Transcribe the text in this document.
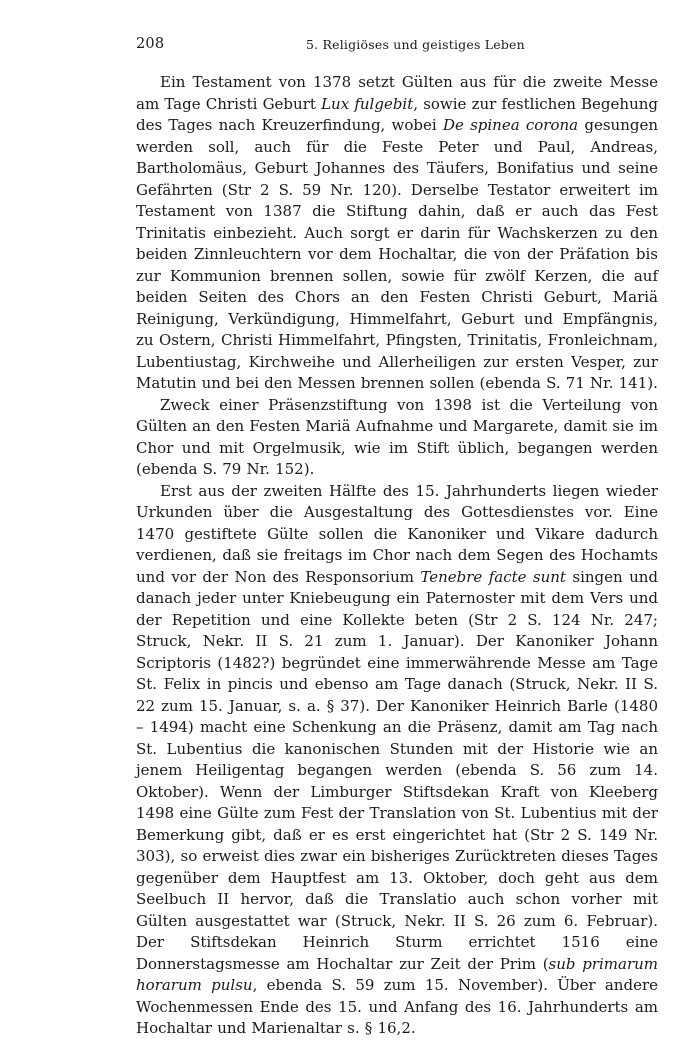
208	5. Religiöses und geistiges Leben

Ein Testament von 1378 setzt Gülten aus für die zweite Messe am Tage Christi Geburt Lux fulgebit, sowie zur festlichen Begehung des Tages nach Kreuzerfindung, wobei De spinea corona gesungen werden soll, auch für die Feste Peter und Paul, Andreas, Bartholomäus, Geburt Johannes des Täufers, Bonifatius und seine Gefährten (Str 2 S. 59 Nr. 120). Derselbe Testator erweitert im Testament von 1387 die Stiftung dahin, daß er auch das Fest Trinitatis einbezieht. Auch sorgt er darin für Wachskerzen zu den beiden Zinnleuchtern vor dem Hochaltar, die von der Präfation bis zur Kommunion brennen sollen, sowie für zwölf Kerzen, die auf beiden Seiten des Chors an den Festen Christi Geburt, Mariä Reinigung, Verkündigung, Himmelfahrt, Geburt und Empfängnis, zu Ostern, Christi Himmelfahrt, Pfingsten, Trinitatis, Fronleichnam, Lubentiustag, Kirchweihe und Allerheiligen zur ersten Vesper, zur Matutin und bei den Messen brennen sollen (ebenda S. 71 Nr. 141).

Zweck einer Präsenzstiftung von 1398 ist die Verteilung von Gülten an den Festen Mariä Aufnahme und Margarete, damit sie im Chor und mit Orgelmusik, wie im Stift üblich, begangen werden (ebenda S. 79 Nr. 152).

Erst aus der zweiten Hälfte des 15. Jahrhunderts liegen wieder Urkunden über die Ausgestaltung des Gottesdienstes vor. Eine 1470 gestiftete Gülte sollen die Kanoniker und Vikare dadurch verdienen, daß sie freitags im Chor nach dem Segen des Hochamts und vor der Non des Responsorium Tenebre facte sunt singen und danach jeder unter Kniebeugung ein Paternoster mit dem Vers und der Repetition und eine Kollekte beten (Str 2 S. 124 Nr. 247; Struck, Nekr. II S. 21 zum 1. Januar). Der Kanoniker Johann Scriptoris (1482?) begründet eine immerwährende Messe am Tage St. Felix in pincis und ebenso am Tage danach (Struck, Nekr. II S. 22 zum 15. Januar, s. a. § 37). Der Kanoniker Heinrich Barle (1480 – 1494) macht eine Schenkung an die Präsenz, damit am Tag nach St. Lubentius die kanonischen Stunden mit der Historie wie an jenem Heiligentag begangen werden (ebenda S. 56 zum 14. Oktober). Wenn der Limburger Stiftsdekan Kraft von Kleeberg 1498 eine Gülte zum Fest der Translation von St. Lubentius mit der Bemerkung gibt, daß er es erst eingerichtet hat (Str 2 S. 149 Nr. 303), so erweist dies zwar ein bisheriges Zurücktreten dieses Tages gegenüber dem Hauptfest am 13. Oktober, doch geht aus dem Seelbuch II hervor, daß die Translatio auch schon vorher mit Gülten ausgestattet war (Struck, Nekr. II S. 26 zum 6. Februar). Der Stiftsdekan Heinrich Sturm errichtet 1516 eine Donnerstagsmesse am Hochaltar zur Zeit der Prim (sub primarum horarum pulsu, ebenda S. 59 zum 15. November). Über andere Wochenmessen Ende des 15. und Anfang des 16. Jahrhunderts am Hochaltar und Marienaltar s. § 16,2.
